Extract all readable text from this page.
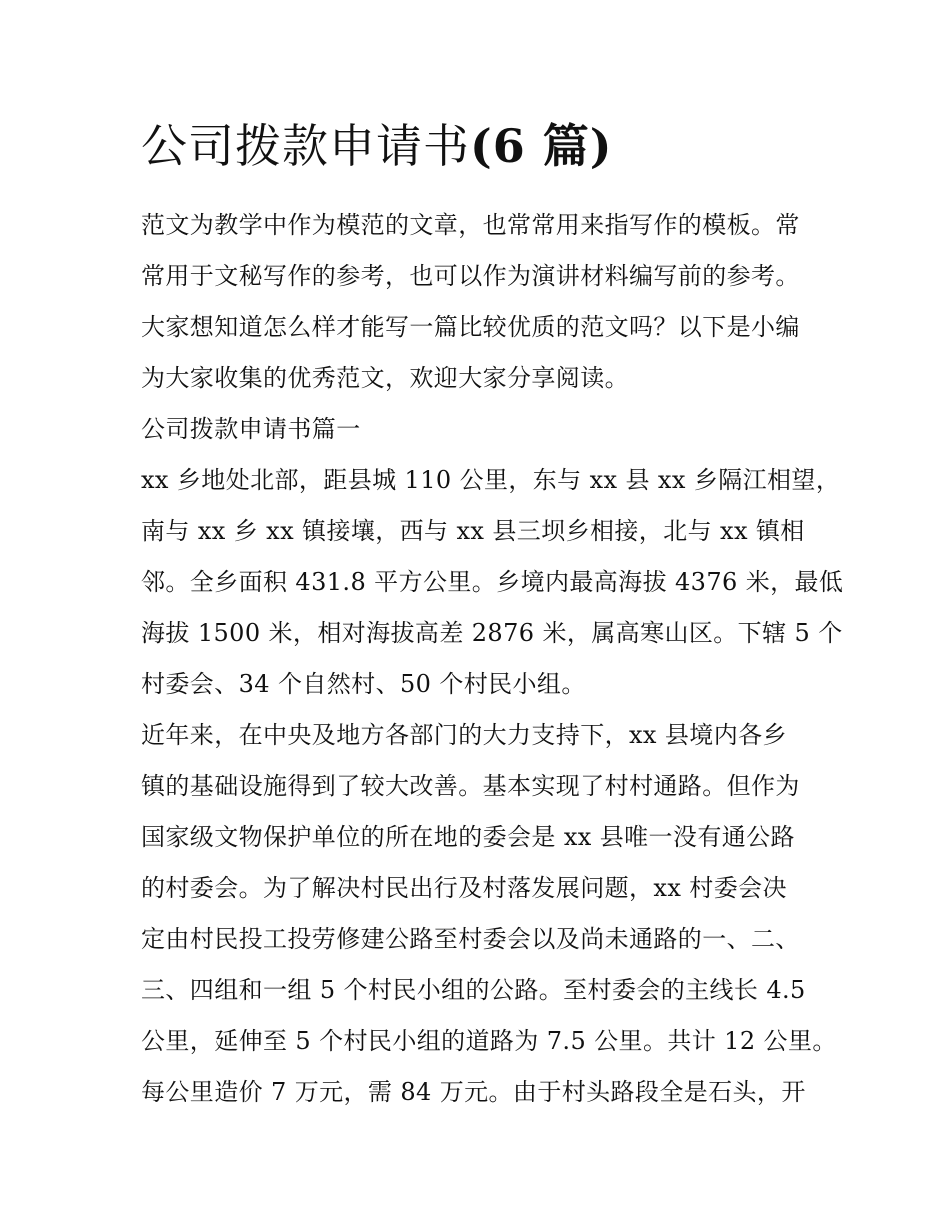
公司拨款申请书(6 篇)
范文为教学中作为模范的文章，也常常用来指写作的模板。常
常用于文秘写作的参考，也可以作为演讲材料编写前的参考。
大家想知道怎么样才能写一篇比较优质的范文吗？以下是小编
为大家收集的优秀范文，欢迎大家分享阅读。
公司拨款申请书篇一
xx 乡地处北部，距县城 110 公里，东与 xx 县 xx 乡隔江相望，
南与 xx 乡 xx 镇接壤，西与 xx 县三坝乡相接，北与 xx 镇相
邻。全乡面积 431.8 平方公里。乡境内最高海拔 4376 米，最低
海拔 1500 米，相对海拔高差 2876 米，属高寒山区。下辖 5 个
村委会、34 个自然村、50 个村民小组。
近年来，在中央及地方各部门的大力支持下，xx 县境内各乡
镇的基础设施得到了较大改善。基本实现了村村通路。但作为
国家级文物保护单位的所在地的委会是 xx 县唯一没有通公路
的村委会。为了解决村民出行及村落发展问题，xx 村委会决
定由村民投工投劳修建公路至村委会以及尚未通路的一、二、
三、四组和一组 5 个村民小组的公路。至村委会的主线长 4.5
公里，延伸至 5 个村民小组的道路为 7.5 公里。共计 12 公里。
每公里造价 7 万元，需 84 万元。由于村头路段全是石头，开
